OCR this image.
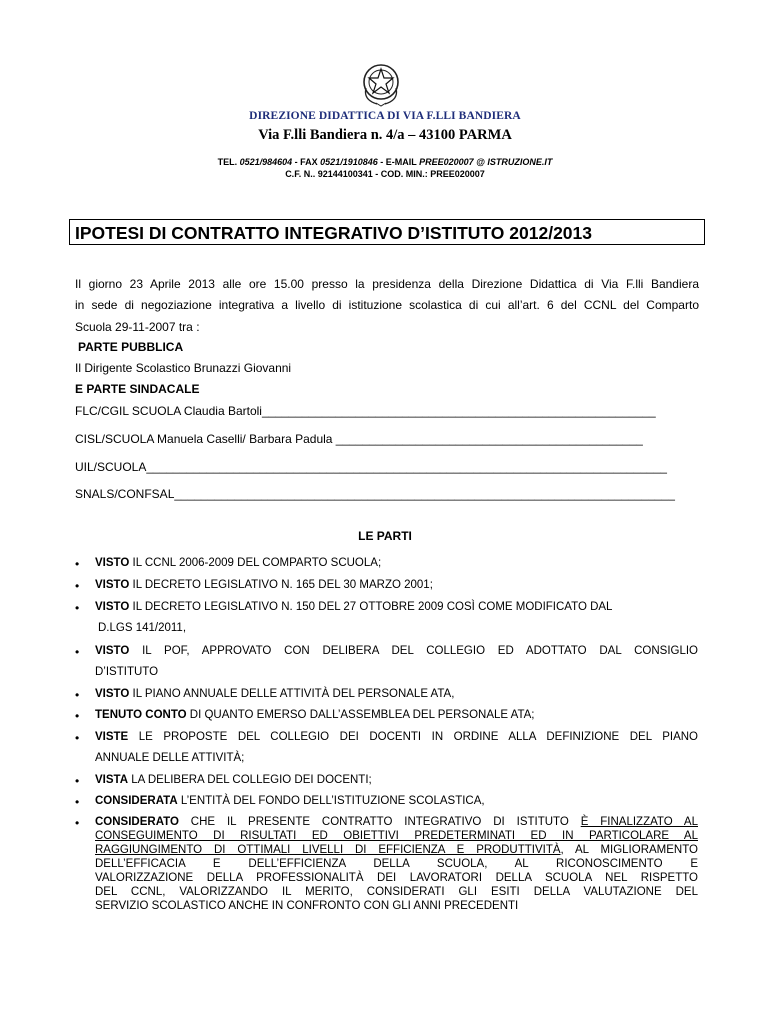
DIREZIONE DIDATTICA DI VIA F.LLI BANDIERA
Via F.lli Bandiera n. 4/a – 43100 PARMA
TEL. 0521/984604 - FAX 0521/1910846 - E-MAIL PREE020007 @ ISTRUZIONE.IT
C.F. N.. 92144100341 - COD. MIN.: PREE020007
IPOTESI DI CONTRATTO INTEGRATIVO D’ISTITUTO 2012/2013
Il giorno 23 Aprile 2013 alle ore 15.00 presso la presidenza della Direzione Didattica di Via F.lli Bandiera
in sede di negoziazione integrativa a livello di istituzione scolastica di cui all’art. 6 del CCNL del Comparto
Scuola 29-11-2007 tra :
PARTE PUBBLICA
Il Dirigente Scolastico Brunazzi Giovanni
E PARTE SINDACALE
FLC/CGIL SCUOLA Claudia Bartoli___________________________________________________________
CISL/SCUOLA Manuela Caselli/ Barbara Padula ______________________________________________
UIL/SCUOLA______________________________________________________________________________
SNALS/CONFSAL___________________________________________________________________________
LE PARTI
• VISTO IL CCNL 2006-2009 DEL COMPARTO SCUOLA;
• VISTO IL DECRETO LEGISLATIVO N. 165 DEL 30 MARZO 2001;
• VISTO IL DECRETO LEGISLATIVO N. 150 DEL 27 OTTOBRE 2009 COSÌ COME MODIFICATO DAL
D.LGS 141/2011,
• VISTO IL POF, APPROVATO CON DELIBERA DEL COLLEGIO ED ADOTTATO DAL CONSIGLIO
D’ISTITUTO
• VISTO IL PIANO ANNUALE DELLE ATTIVITÀ DEL PERSONALE ATA,
• TENUTO CONTO DI QUANTO EMERSO DALL’ASSEMBLEA DEL PERSONALE ATA;
• VISTE LE PROPOSTE DEL COLLEGIO DEI DOCENTI IN ORDINE ALLA DEFINIZIONE DEL PIANO
ANNUALE DELLE ATTIVITÀ;
• VISTA LA DELIBERA DEL COLLEGIO DEI DOCENTI;
• CONSIDERATA L’ENTITÀ DEL FONDO DELL’ISTITUZIONE SCOLASTICA,
• CONSIDERATO CHE IL PRESENTE CONTRATTO INTEGRATIVO DI ISTITUTO È FINALIZZATO AL
CONSEGUIMENTO DI RISULTATI ED OBIETTIVI PREDETERMINATI ED IN PARTICOLARE AL
RAGGIUNGIMENTO DI OTTIMALI LIVELLI DI EFFICIENZA E PRODUTTIVITÀ, AL MIGLIORAMENTO
DELL’EFFICACIA E DELL’EFFICIENZA DELLA SCUOLA, AL RICONOSCIMENTO E
VALORIZZAZIONE DELLA PROFESSIONALITÀ DEI LAVORATORI DELLA SCUOLA NEL RISPETTO
DEL CCNL, VALORIZZANDO IL MERITO, CONSIDERATI GLI ESITI DELLA VALUTAZIONE DEL
SERVIZIO SCOLASTICO ANCHE IN CONFRONTO CON GLI ANNI PRECEDENTI
